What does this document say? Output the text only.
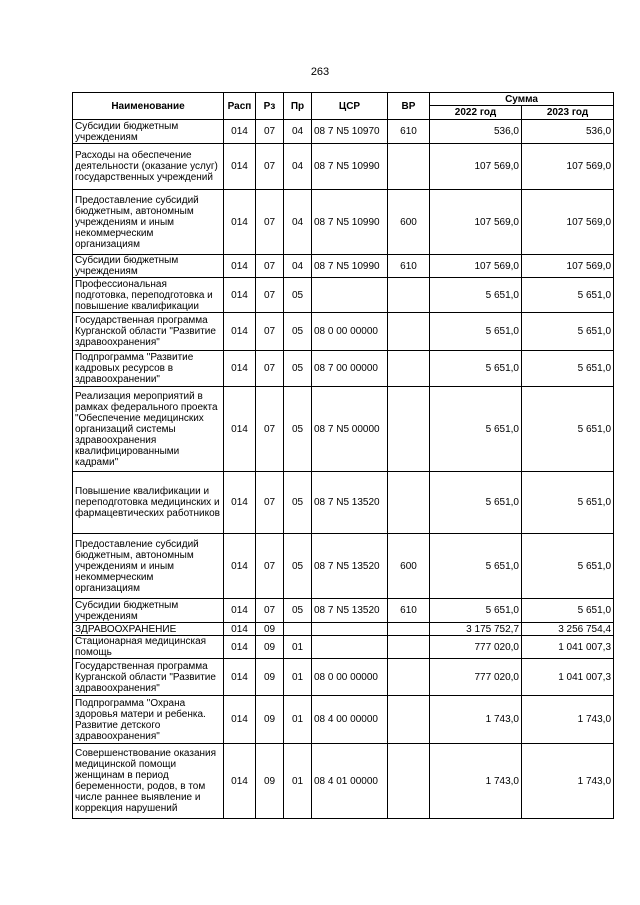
263
Наименование	Расп	Рз	Пр	ЦСР	ВР	Сумма	
						2022 год	2023 год
Субсидии бюджетным учреждениям	014	07	04	08 7 N5 10970	610	536,0	536,0
Расходы на обеспечение деятельности (оказание услуг) государственных учреждений	014	07	04	08 7 N5 10990		107 569,0	107 569,0
Предоставление субсидий бюджетным, автономным учреждениям и иным некоммерческим организациям	014	07	04	08 7 N5 10990	600	107 569,0	107 569,0
Субсидии бюджетным учреждениям	014	07	04	08 7 N5 10990	610	107 569,0	107 569,0
Профессиональная подготовка, переподготовка и повышение квалификации	014	07	05			5 651,0	5 651,0
Государственная программа Курганской области "Развитие здравоохранения"	014	07	05	08 0 00 00000		5 651,0	5 651,0
Подпрограмма "Развитие кадровых ресурсов в здравоохранении"	014	07	05	08 7 00 00000		5 651,0	5 651,0
Реализация мероприятий в рамках федерального проекта "Обеспечение медицинских организаций системы здравоохранения квалифицированными кадрами"	014	07	05	08 7 N5 00000		5 651,0	5 651,0
Повышение квалификации и переподготовка медицинских и фармацевтических работников	014	07	05	08 7 N5 13520		5 651,0	5 651,0
Предоставление субсидий бюджетным, автономным учреждениям и иным некоммерческим организациям	014	07	05	08 7 N5 13520	600	5 651,0	5 651,0
Субсидии бюджетным учреждениям	014	07	05	08 7 N5 13520	610	5 651,0	5 651,0
ЗДРАВООХРАНЕНИЕ	014	09				3 175 752,7	3 256 754,4
Стационарная медицинская помощь	014	09	01			777 020,0	1 041 007,3
Государственная программа Курганской области "Развитие здравоохранения"	014	09	01	08 0 00 00000		777 020,0	1 041 007,3
Подпрограмма "Охрана здоровья матери и ребенка. Развитие детского здравоохранения"	014	09	01	08 4 00 00000		1 743,0	1 743,0
Совершенствование оказания медицинской помощи женщинам в период беременности, родов, в том числе раннее выявление и коррекция нарушений	014	09	01	08 4 01 00000		1 743,0	1 743,0
